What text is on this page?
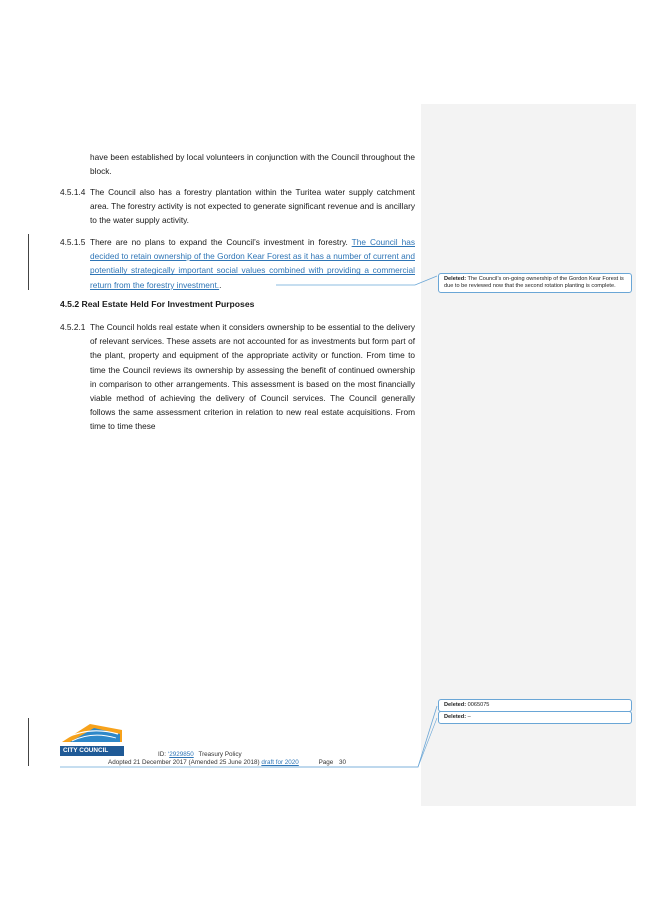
have been established by local volunteers in conjunction with the Council throughout the block.
4.5.1.4 The Council also has a forestry plantation within the Turitea water supply catchment area. The forestry activity is not expected to generate significant revenue and is ancillary to the water supply activity.
4.5.1.5 There are no plans to expand the Council’s investment in forestry. The Council has decided to retain ownership of the Gordon Kear Forest as it has a number of current and potentially strategically important social values combined with providing a commercial return from the forestry investment..
4.5.2 Real Estate Held For Investment Purposes
4.5.2.1 The Council holds real estate when it considers ownership to be essential to the delivery of relevant services. These assets are not accounted for as investments but form part of the plant, property and equipment of the appropriate activity or function. From time to time the Council reviews its ownership by assessing the benefit of continued ownership in comparison to other arrangements. This assessment is based on the most financially viable method of achieving the delivery of Council services. The Council generally follows the same assessment criterion in relation to new real estate acquisitions. From time to time these
Deleted: The Council’s on-going ownership of the Gordon Kear Forest is due to be reviewed now that the second rotation planting is complete.
Deleted: 0065075
Deleted: –
PALMERSTON NORTH
CITY COUNCIL
ID: ‘2929850 Treasury Policy
Adopted 21 December 2017 (Amended 25 June 2018) draft for 2020	Page 30
